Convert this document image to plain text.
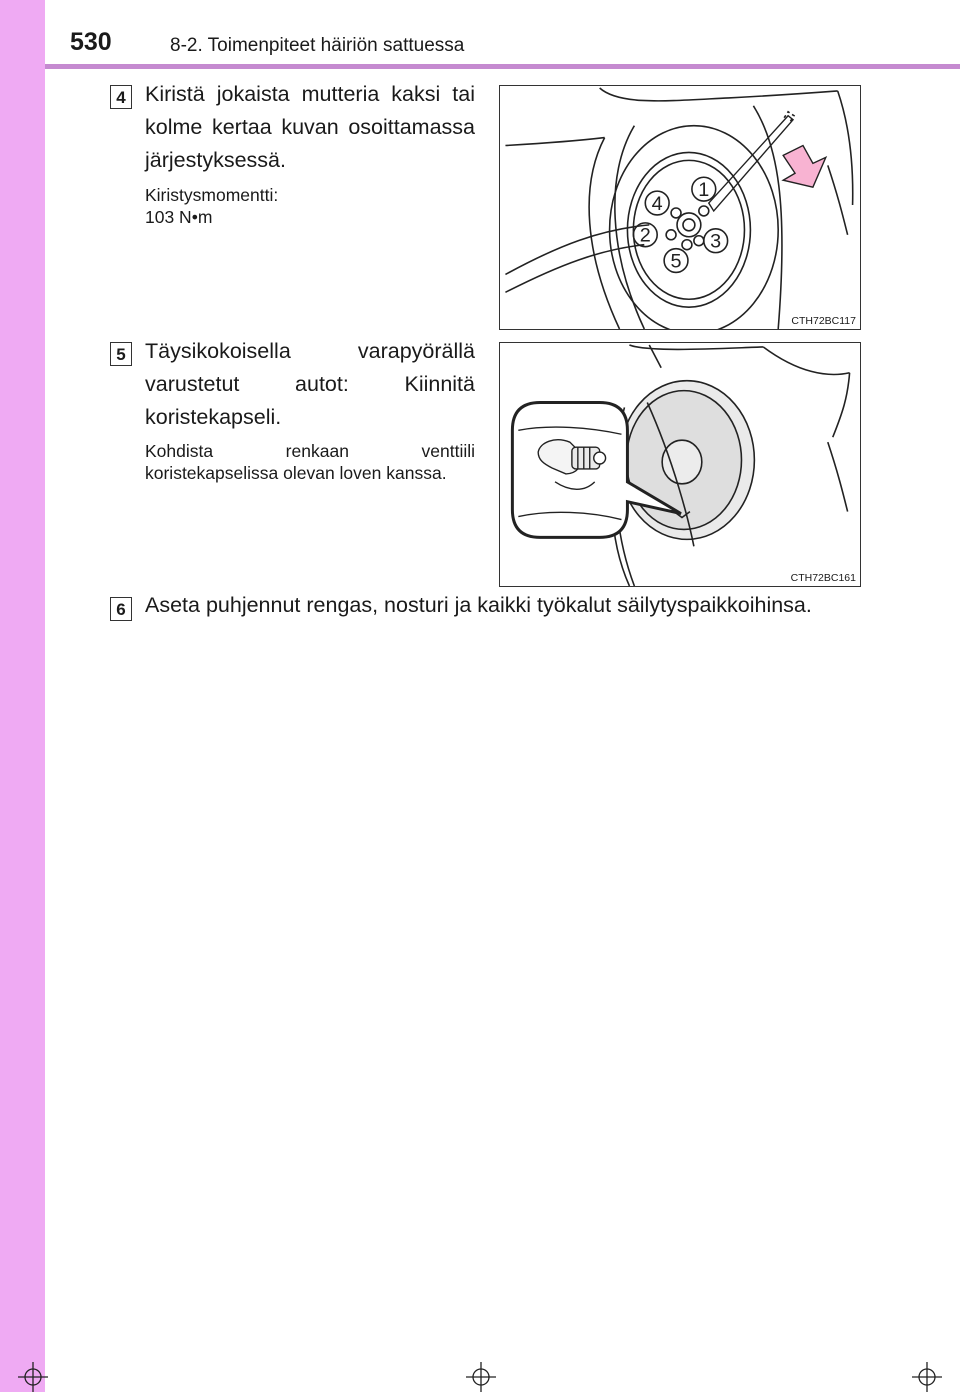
530	8-2. Toimenpiteet häiriön sattuessa
4 Kiristä jokaista mutteria kaksi tai kolme kertaa kuvan osoittamassa järjestyksessä.
Kiristysmomentti:
103 N•m
1
2	3
4
5
CTH72BC117
5 Täysikokoisella varapyörällä varustetut autot: Kiinnitä koristekapseli.
Kohdista renkaan venttiili koristekapselissa olevan loven kanssa.
CTH72BC161
6 Aseta puhjennut rengas, nosturi ja kaikki työkalut säilytyspaikkoihinsa.
